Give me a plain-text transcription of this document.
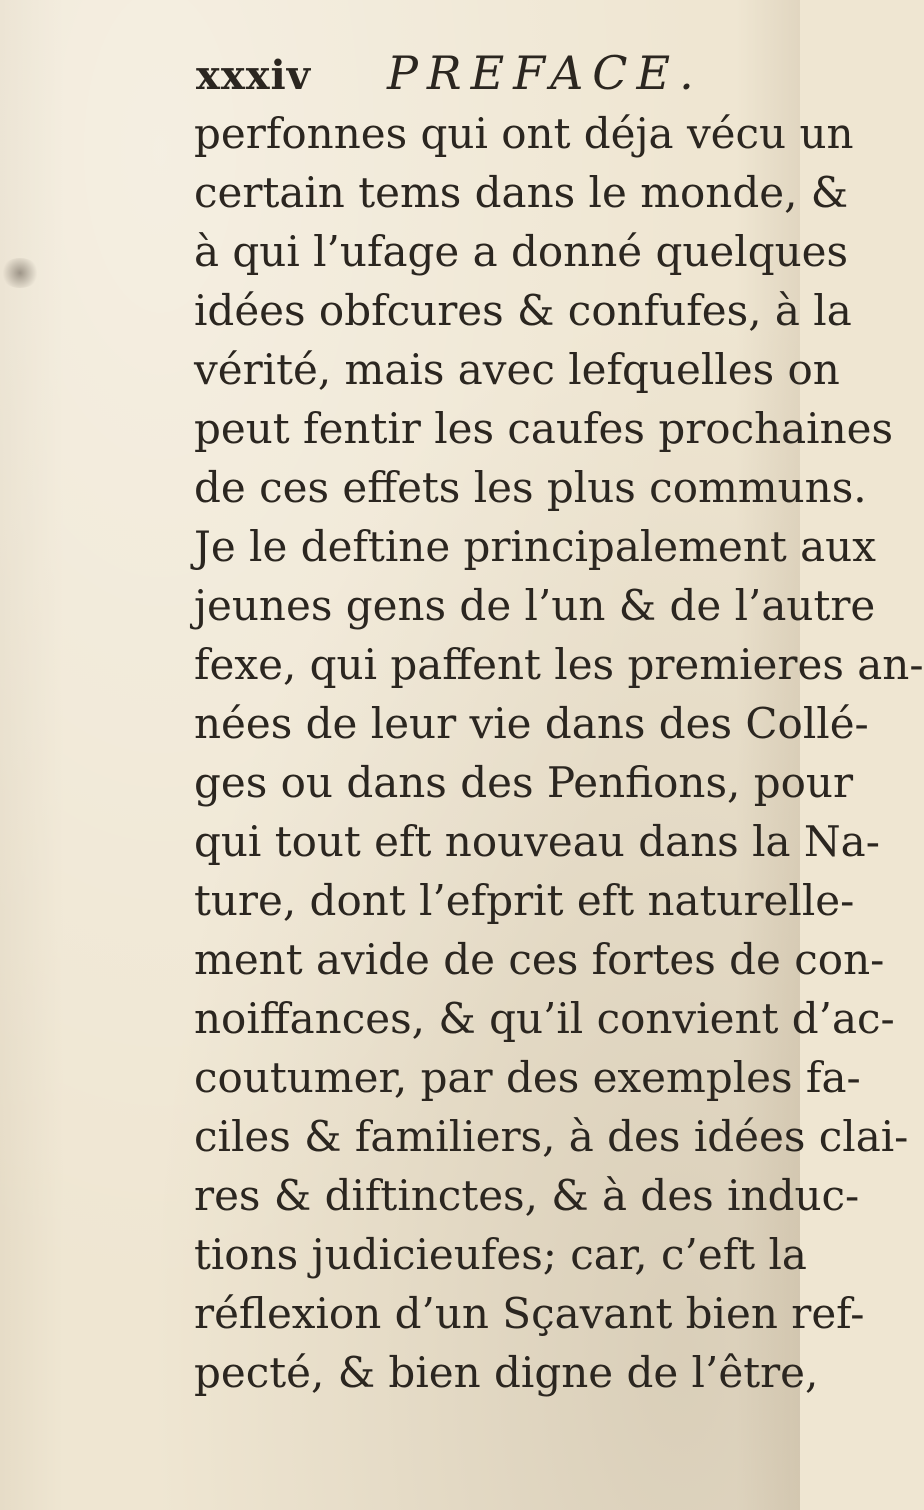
xxxiv PREFACE.
perfonnes qui ont déja vécu un
certain tems dans le monde, &
à qui l’ufage a donné quelques
idées obfcures & confufes, à la
vérité, mais avec lefquelles on
peut fentir les caufes prochaines
de ces effets les plus communs.
Je le deftine principalement aux
jeunes gens de l’un & de l’autre
fexe, qui paffent les premieres an-
nées de leur vie dans des Collé-
ges ou dans des Penfions, pour
qui tout eft nouveau dans la Na-
ture, dont l’efprit eft naturelle-
ment avide de ces fortes de con-
noiffances, & qu’il convient d’ac-
coutumer, par des exemples fa-
ciles & familiers, à des idées clai-
res & diftinctes, & à des induc-
tions judicieufes; car, c’eft la
réflexion d’un Sçavant bien ref-
pecté, & bien digne de l’être,
